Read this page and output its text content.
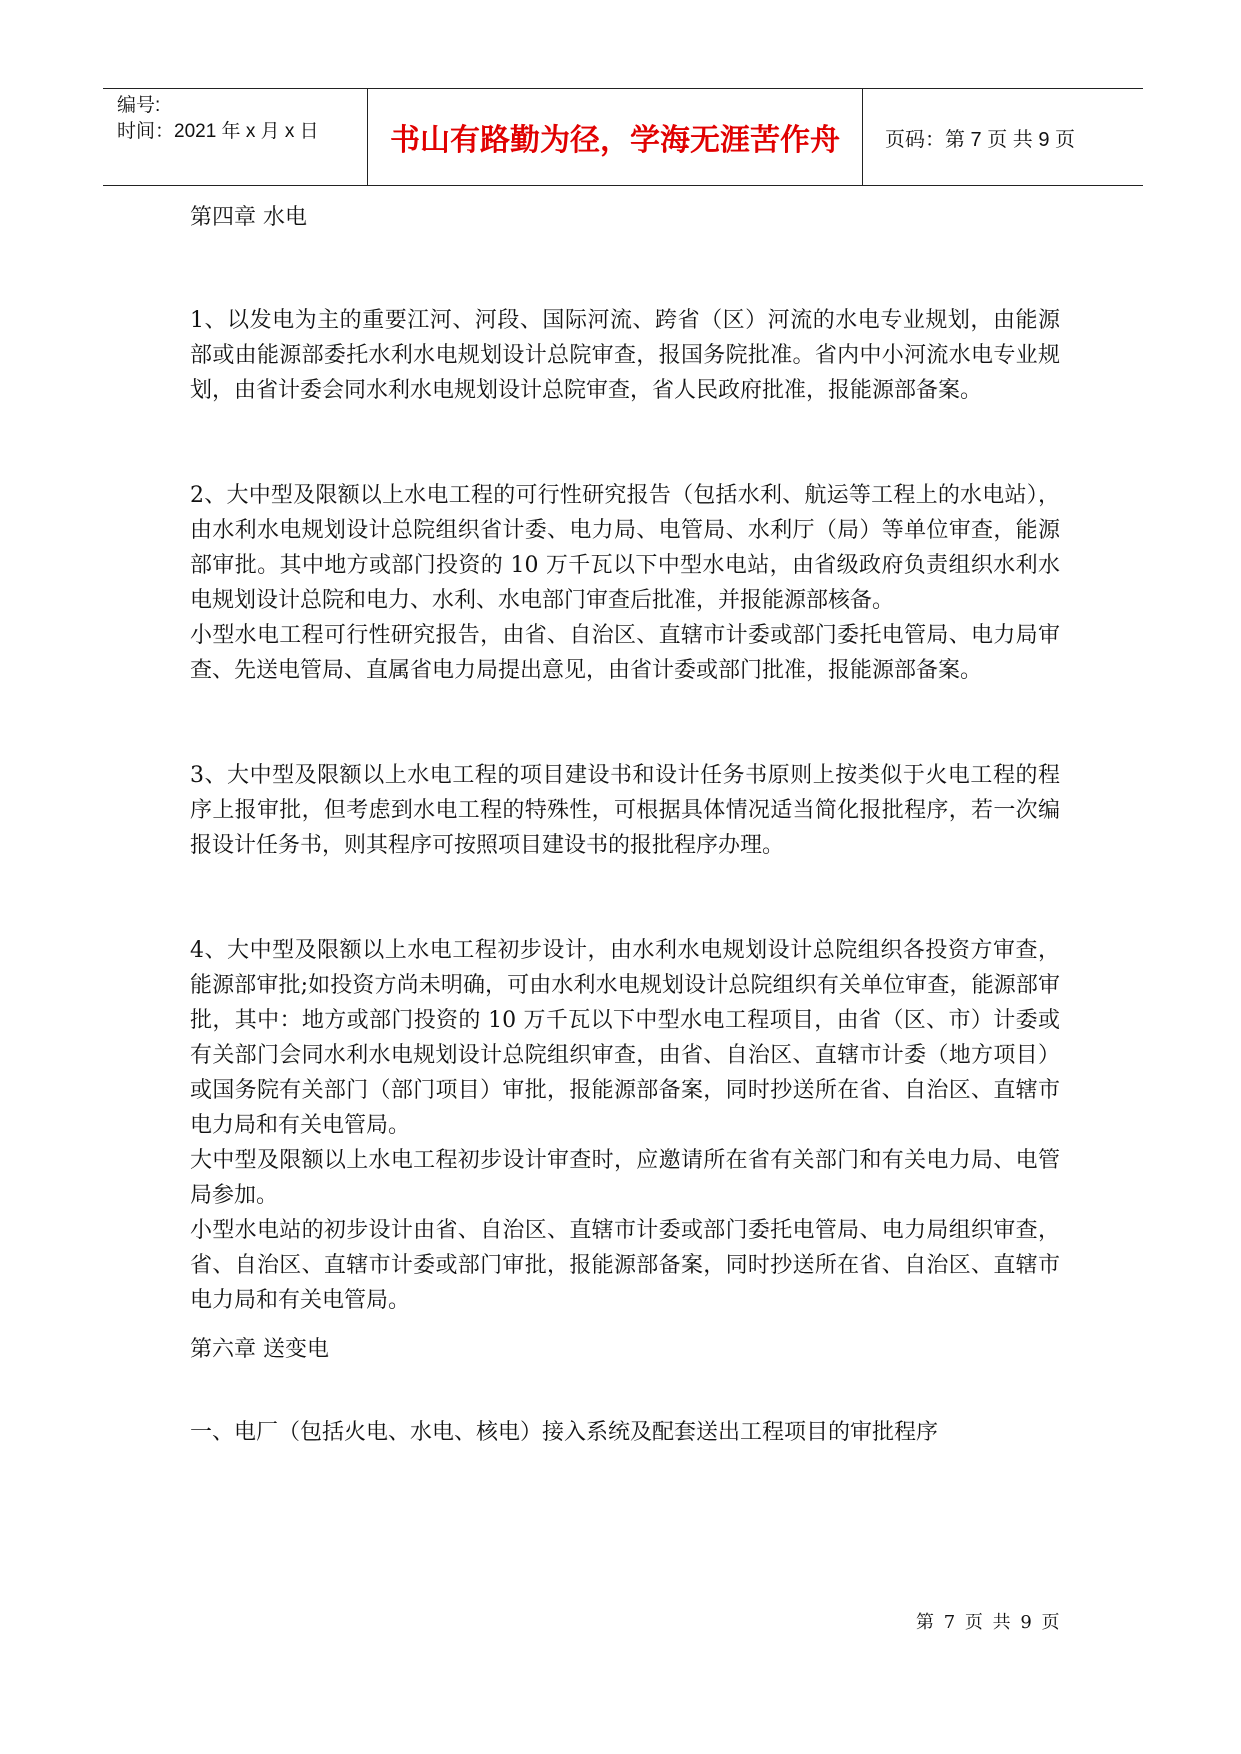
编号:
时间：2021 年 x 月 x 日	书山有路勤为径，学海无涯苦作舟	页码：第 7 页 共 9 页

第四章 水电

1、以发电为主的重要江河、河段、国际河流、跨省（区）河流的水电专业规划，由能源部或由能源部委托水利水电规划设计总院审查，报国务院批准。省内中小河流水电专业规划，由省计委会同水利水电规划设计总院审查，省人民政府批准，报能源部备案。

2、大中型及限额以上水电工程的可行性研究报告（包括水利、航运等工程上的水电站），由水利水电规划设计总院组织省计委、电力局、电管局、水利厅（局）等单位审查，能源部审批。其中地方或部门投资的 10 万千瓦以下中型水电站，由省级政府负责组织水利水电规划设计总院和电力、水利、水电部门审查后批准，并报能源部核备。

小型水电工程可行性研究报告，由省、自治区、直辖市计委或部门委托电管局、电力局审查、先送电管局、直属省电力局提出意见，由省计委或部门批准，报能源部备案。

3、大中型及限额以上水电工程的项目建设书和设计任务书原则上按类似于火电工程的程序上报审批，但考虑到水电工程的特殊性，可根据具体情况适当简化报批程序，若一次编报设计任务书，则其程序可按照项目建设书的报批程序办理。

4、大中型及限额以上水电工程初步设计，由水利水电规划设计总院组织各投资方审查，能源部审批;如投资方尚未明确，可由水利水电规划设计总院组织有关单位审查，能源部审批，其中：地方或部门投资的 10 万千瓦以下中型水电工程项目，由省（区、市）计委或有关部门会同水利水电规划设计总院组织审查，由省、自治区、直辖市计委（地方项目）或国务院有关部门（部门项目）审批，报能源部备案，同时抄送所在省、自治区、直辖市电力局和有关电管局。

大中型及限额以上水电工程初步设计审查时，应邀请所在省有关部门和有关电力局、电管局参加。

小型水电站的初步设计由省、自治区、直辖市计委或部门委托电管局、电力局组织审查，省、自治区、直辖市计委或部门审批，报能源部备案，同时抄送所在省、自治区、直辖市电力局和有关电管局。

第六章 送变电

一、电厂（包括火电、水电、核电）接入系统及配套送出工程项目的审批程序

第 7 页 共 9 页
